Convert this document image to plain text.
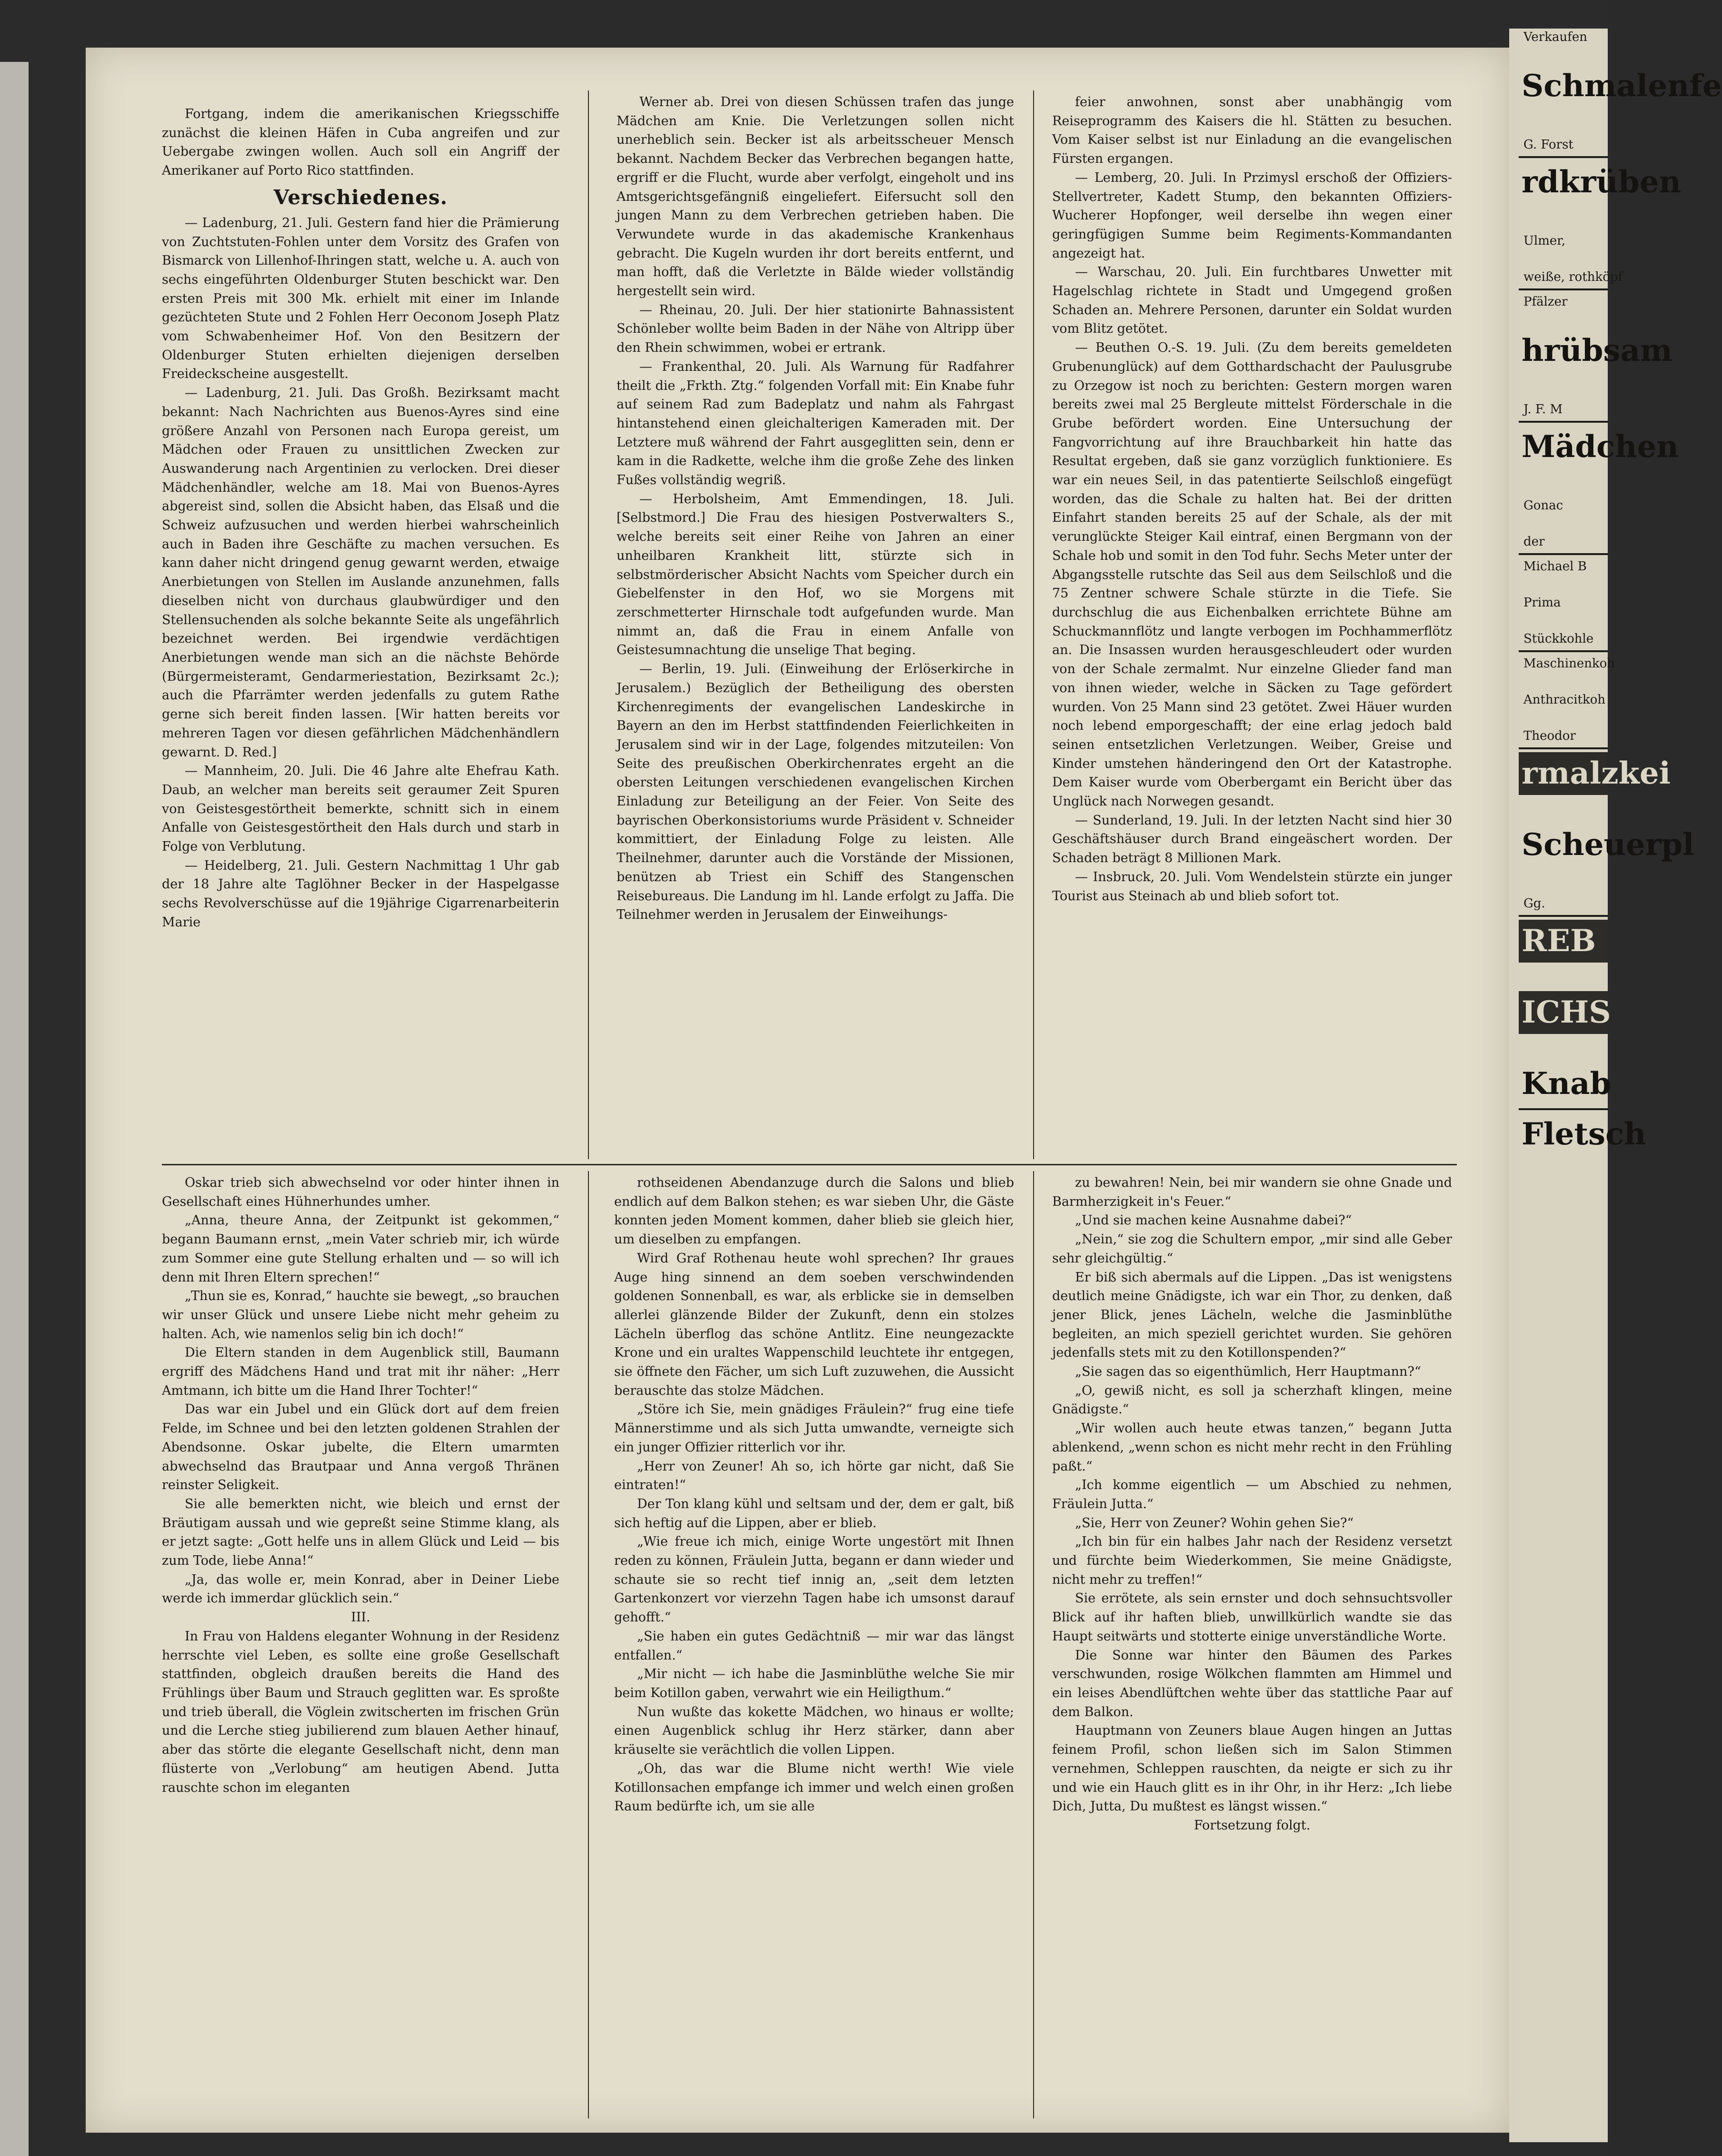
Fortgang, indem die amerikanischen Kriegsschiffe zunächst die kleinen Häfen in Cuba angreifen und zur Uebergabe zwingen wollen. Auch soll ein Angriff der Amerikaner auf Porto Rico stattfinden.

Verschiedenes.

— Ladenburg, 21. Juli. Gestern fand hier die Prämierung von Zuchtstuten-Fohlen unter dem Vorsitz des Grafen von Bismarck von Lillenhof-Ihringen statt, welche u. A. auch von sechs eingeführten Oldenburger Stuten beschickt war. Den ersten Preis mit 300 Mk. erhielt mit einer im Inlande gezüchteten Stute und 2 Fohlen Herr Oeconom Joseph Platz vom Schwabenheimer Hof. Von den Besitzern der Oldenburger Stuten erhielten diejenigen derselben Freideckscheine ausgestellt.

— Ladenburg, 21. Juli. Das Großh. Bezirksamt macht bekannt: Nach Nachrichten aus Buenos-Ayres sind eine größere Anzahl von Personen nach Europa gereist, um Mädchen oder Frauen zu unsittlichen Zwecken zur Auswanderung nach Argentinien zu verlocken. Drei dieser Mädchenhändler, welche am 18. Mai von Buenos-Ayres abgereist sind, sollen die Absicht haben, das Elsaß und die Schweiz aufzusuchen und werden hierbei wahrscheinlich auch in Baden ihre Geschäfte zu machen versuchen. Es kann daher nicht dringend genug gewarnt werden, etwaige Anerbietungen von Stellen im Auslande anzunehmen, falls dieselben nicht von durchaus glaubwürdiger und den Stellensuchenden als solche bekannte Seite als ungefährlich bezeichnet werden. Bei irgendwie verdächtigen Anerbietungen wende man sich an die nächste Behörde (Bürgermeisteramt, Gendarmeriestation, Bezirksamt 2c.); auch die Pfarrämter werden jedenfalls zu gutem Rathe gerne sich bereit finden lassen. [Wir hatten bereits vor mehreren Tagen vor diesen gefährlichen Mädchenhändlern gewarnt. D. Red.]

— Mannheim, 20. Juli. Die 46 Jahre alte Ehefrau Kath. Daub, an welcher man bereits seit geraumer Zeit Spuren von Geistesgestörtheit bemerkte, schnitt sich in einem Anfalle von Geistesgestörtheit den Hals durch und starb in Folge von Verblutung.

— Heidelberg, 21. Juli. Gestern Nachmittag 1 Uhr gab der 18 Jahre alte Taglöhner Becker in der Haspelgasse sechs Revolverschüsse auf die 19jährige Cigarrenarbeiterin Marie

Werner ab. Drei von diesen Schüssen trafen das junge Mädchen am Knie. Die Verletzungen sollen nicht unerheblich sein. Becker ist als arbeitsscheuer Mensch bekannt. Nachdem Becker das Verbrechen begangen hatte, ergriff er die Flucht, wurde aber verfolgt, eingeholt und ins Amtsgerichtsgefängniß eingeliefert. Eifersucht soll den jungen Mann zu dem Verbrechen getrieben haben. Die Verwundete wurde in das akademische Krankenhaus gebracht. Die Kugeln wurden ihr dort bereits entfernt, und man hofft, daß die Verletzte in Bälde wieder vollständig hergestellt sein wird.

— Rheinau, 20. Juli. Der hier stationirte Bahnassistent Schönleber wollte beim Baden in der Nähe von Altripp über den Rhein schwimmen, wobei er ertrank.

— Frankenthal, 20. Juli. Als Warnung für Radfahrer theilt die „Frkth. Ztg.“ folgenden Vorfall mit: Ein Knabe fuhr auf seinem Rad zum Badeplatz und nahm als Fahrgast hintanstehend einen gleichalterigen Kameraden mit. Der Letztere muß während der Fahrt ausgeglitten sein, denn er kam in die Radkette, welche ihm die große Zehe des linken Fußes vollständig wegriß.

— Herbolsheim, Amt Emmendingen, 18. Juli. [Selbstmord.] Die Frau des hiesigen Postverwalters S., welche bereits seit einer Reihe von Jahren an einer unheilbaren Krankheit litt, stürzte sich in selbstmörderischer Absicht Nachts vom Speicher durch ein Giebelfenster in den Hof, wo sie Morgens mit zerschmetterter Hirnschale todt aufgefunden wurde. Man nimmt an, daß die Frau in einem Anfalle von Geistesumnachtung die unselige That beging.

— Berlin, 19. Juli. (Einweihung der Erlöserkirche in Jerusalem.) Bezüglich der Betheiligung des obersten Kirchenregiments der evangelischen Landeskirche in Bayern an den im Herbst stattfindenden Feierlichkeiten in Jerusalem sind wir in der Lage, folgendes mitzuteilen: Von Seite des preußischen Oberkirchenrates ergeht an die obersten Leitungen verschiedenen evangelischen Kirchen Einladung zur Beteiligung an der Feier. Von Seite des bayrischen Oberkonsistoriums wurde Präsident v. Schneider kommittiert, der Einladung Folge zu leisten. Alle Theilnehmer, darunter auch die Vorstände der Missionen, benützen ab Triest ein Schiff des Stangenschen Reisebureaus. Die Landung im hl. Lande erfolgt zu Jaffa. Die Teilnehmer werden in Jerusalem der Einweihungs-

feier anwohnen, sonst aber unabhängig vom Reiseprogramm des Kaisers die hl. Stätten zu besuchen. Vom Kaiser selbst ist nur Einladung an die evangelischen Fürsten ergangen.

— Lemberg, 20. Juli. In Przimysl erschoß der Offiziers-Stellvertreter, Kadett Stump, den bekannten Offiziers-Wucherer Hopfonger, weil derselbe ihn wegen einer geringfügigen Summe beim Regiments-Kommandanten angezeigt hat.

— Warschau, 20. Juli. Ein furchtbares Unwetter mit Hagelschlag richtete in Stadt und Umgegend großen Schaden an. Mehrere Personen, darunter ein Soldat wurden vom Blitz getötet.

— Beuthen O.-S. 19. Juli. (Zu dem bereits gemeldeten Grubenunglück) auf dem Gotthardschacht der Paulusgrube zu Orzegow ist noch zu berichten: Gestern morgen waren bereits zwei mal 25 Bergleute mittelst Förderschale in die Grube befördert worden. Eine Untersuchung der Fangvorrichtung auf ihre Brauchbarkeit hin hatte das Resultat ergeben, daß sie ganz vorzüglich funktioniere. Es war ein neues Seil, in das patentierte Seilschloß eingefügt worden, das die Schale zu halten hat. Bei der dritten Einfahrt standen bereits 25 auf der Schale, als der mit verunglückte Steiger Kail eintraf, einen Bergmann von der Schale hob und somit in den Tod fuhr. Sechs Meter unter der Abgangsstelle rutschte das Seil aus dem Seilschloß und die 75 Zentner schwere Schale stürzte in die Tiefe. Sie durchschlug die aus Eichenbalken errichtete Bühne am Schuckmannflötz und langte verbogen im Pochhammerflötz an. Die Insassen wurden herausgeschleudert oder wurden von der Schale zermalmt. Nur einzelne Glieder fand man von ihnen wieder, welche in Säcken zu Tage gefördert wurden. Von 25 Mann sind 23 getötet. Zwei Häuer wurden noch lebend emporgeschafft; der eine erlag jedoch bald seinen entsetzlichen Verletzungen. Weiber, Greise und Kinder umstehen händeringend den Ort der Katastrophe. Dem Kaiser wurde vom Oberbergamt ein Bericht über das Unglück nach Norwegen gesandt.

— Sunderland, 19. Juli. In der letzten Nacht sind hier 30 Geschäftshäuser durch Brand eingeäschert worden. Der Schaden beträgt 8 Millionen Mark.

— Insbruck, 20. Juli. Vom Wendelstein stürzte ein junger Tourist aus Steinach ab und blieb sofort tot.

Oskar trieb sich abwechselnd vor oder hinter ihnen in Gesellschaft eines Hühnerhundes umher.

„Anna, theure Anna, der Zeitpunkt ist gekommen,“ begann Baumann ernst, „mein Vater schrieb mir, ich würde zum Sommer eine gute Stellung erhalten und — so will ich denn mit Ihren Eltern sprechen!“

„Thun sie es, Konrad,“ hauchte sie bewegt, „so brauchen wir unser Glück und unsere Liebe nicht mehr geheim zu halten. Ach, wie namenlos selig bin ich doch!“

Die Eltern standen in dem Augenblick still, Baumann ergriff des Mädchens Hand und trat mit ihr näher: „Herr Amtmann, ich bitte um die Hand Ihrer Tochter!“

Das war ein Jubel und ein Glück dort auf dem freien Felde, im Schnee und bei den letzten goldenen Strahlen der Abendsonne. Oskar jubelte, die Eltern umarmten abwechselnd das Brautpaar und Anna vergoß Thränen reinster Seligkeit.

Sie alle bemerkten nicht, wie bleich und ernst der Bräutigam aussah und wie gepreßt seine Stimme klang, als er jetzt sagte: „Gott helfe uns in allem Glück und Leid — bis zum Tode, liebe Anna!“

„Ja, das wolle er, mein Konrad, aber in Deiner Liebe werde ich immerdar glücklich sein.“

III.

In Frau von Haldens eleganter Wohnung in der Residenz herrschte viel Leben, es sollte eine große Gesellschaft stattfinden, obgleich draußen bereits die Hand des Frühlings über Baum und Strauch geglitten war. Es sproßte und trieb überall, die Vöglein zwitscherten im frischen Grün und die Lerche stieg jubilierend zum blauen Aether hinauf, aber das störte die elegante Gesellschaft nicht, denn man flüsterte von „Verlobung“ am heutigen Abend. Jutta rauschte schon im eleganten

rothseidenen Abendanzuge durch die Salons und blieb endlich auf dem Balkon stehen; es war sieben Uhr, die Gäste konnten jeden Moment kommen, daher blieb sie gleich hier, um dieselben zu empfangen.

Wird Graf Rothenau heute wohl sprechen? Ihr graues Auge hing sinnend an dem soeben verschwindenden goldenen Sonnenball, es war, als erblicke sie in demselben allerlei glänzende Bilder der Zukunft, denn ein stolzes Lächeln überflog das schöne Antlitz. Eine neungezackte Krone und ein uraltes Wappenschild leuchtete ihr entgegen, sie öffnete den Fächer, um sich Luft zuzuwehen, die Aussicht berauschte das stolze Mädchen.

„Störe ich Sie, mein gnädiges Fräulein?“ frug eine tiefe Männerstimme und als sich Jutta umwandte, verneigte sich ein junger Offizier ritterlich vor ihr.

„Herr von Zeuner! Ah so, ich hörte gar nicht, daß Sie eintraten!“

Der Ton klang kühl und seltsam und der, dem er galt, biß sich heftig auf die Lippen, aber er blieb.

„Wie freue ich mich, einige Worte ungestört mit Ihnen reden zu können, Fräulein Jutta, begann er dann wieder und schaute sie so recht tief innig an, „seit dem letzten Gartenkonzert vor vierzehn Tagen habe ich umsonst darauf gehofft.“

„Sie haben ein gutes Gedächtniß — mir war das längst entfallen.“

„Mir nicht — ich habe die Jasminblüthe welche Sie mir beim Kotillon gaben, verwahrt wie ein Heiligthum.“

Nun wußte das kokette Mädchen, wo hinaus er wollte; einen Augenblick schlug ihr Herz stärker, dann aber kräuselte sie verächtlich die vollen Lippen.

„Oh, das war die Blume nicht werth! Wie viele Kotillonsachen empfange ich immer und welch einen großen Raum bedürfte ich, um sie alle

zu bewahren! Nein, bei mir wandern sie ohne Gnade und Barmherzigkeit in's Feuer.“

„Und sie machen keine Ausnahme dabei?“

„Nein,“ sie zog die Schultern empor, „mir sind alle Geber sehr gleichgültig.“

Er biß sich abermals auf die Lippen. „Das ist wenigstens deutlich meine Gnädigste, ich war ein Thor, zu denken, daß jener Blick, jenes Lächeln, welche die Jasminblüthe begleiten, an mich speziell gerichtet wurden. Sie gehören jedenfalls stets mit zu den Kotillonspenden?“

„Sie sagen das so eigenthümlich, Herr Hauptmann?“

„O, gewiß nicht, es soll ja scherzhaft klingen, meine Gnädigste.“

„Wir wollen auch heute etwas tanzen,“ begann Jutta ablenkend, „wenn schon es nicht mehr recht in den Frühling paßt.“

„Ich komme eigentlich — um Abschied zu nehmen, Fräulein Jutta.“

„Sie, Herr von Zeuner? Wohin gehen Sie?“

„Ich bin für ein halbes Jahr nach der Residenz versetzt und fürchte beim Wiederkommen, Sie meine Gnädigste, nicht mehr zu treffen!“

Sie errötete, als sein ernster und doch sehnsuchtsvoller Blick auf ihr haften blieb, unwillkürlich wandte sie das Haupt seitwärts und stotterte einige unverständliche Worte.

Die Sonne war hinter den Bäumen des Parkes verschwunden, rosige Wölkchen flammten am Himmel und ein leises Abendlüftchen wehte über das stattliche Paar auf dem Balkon.

Hauptmann von Zeuners blaue Augen hingen an Juttas feinem Profil, schon ließen sich im Salon Stimmen vernehmen, Schleppen rauschten, da neigte er sich zu ihr und wie ein Hauch glitt es in ihr Ohr, in ihr Herz: „Ich liebe Dich, Jutta, Du mußtest es längst wissen.“

Fortsetzung folgt.

Verkaufen
Schmalenfe
G. Forst
rdkrüben
Ulmer,
weiße, rothköpf
Pfälzer
hrübsam
J. F. M
Mädchen
Gonac
der
Michael B
Prima
Stückkohle
Maschinenkoh
Anthracitkoh
Theodor
rmalzkei
Scheuerpl
Gg.
REB
ICHS
Knab
Fletsch
